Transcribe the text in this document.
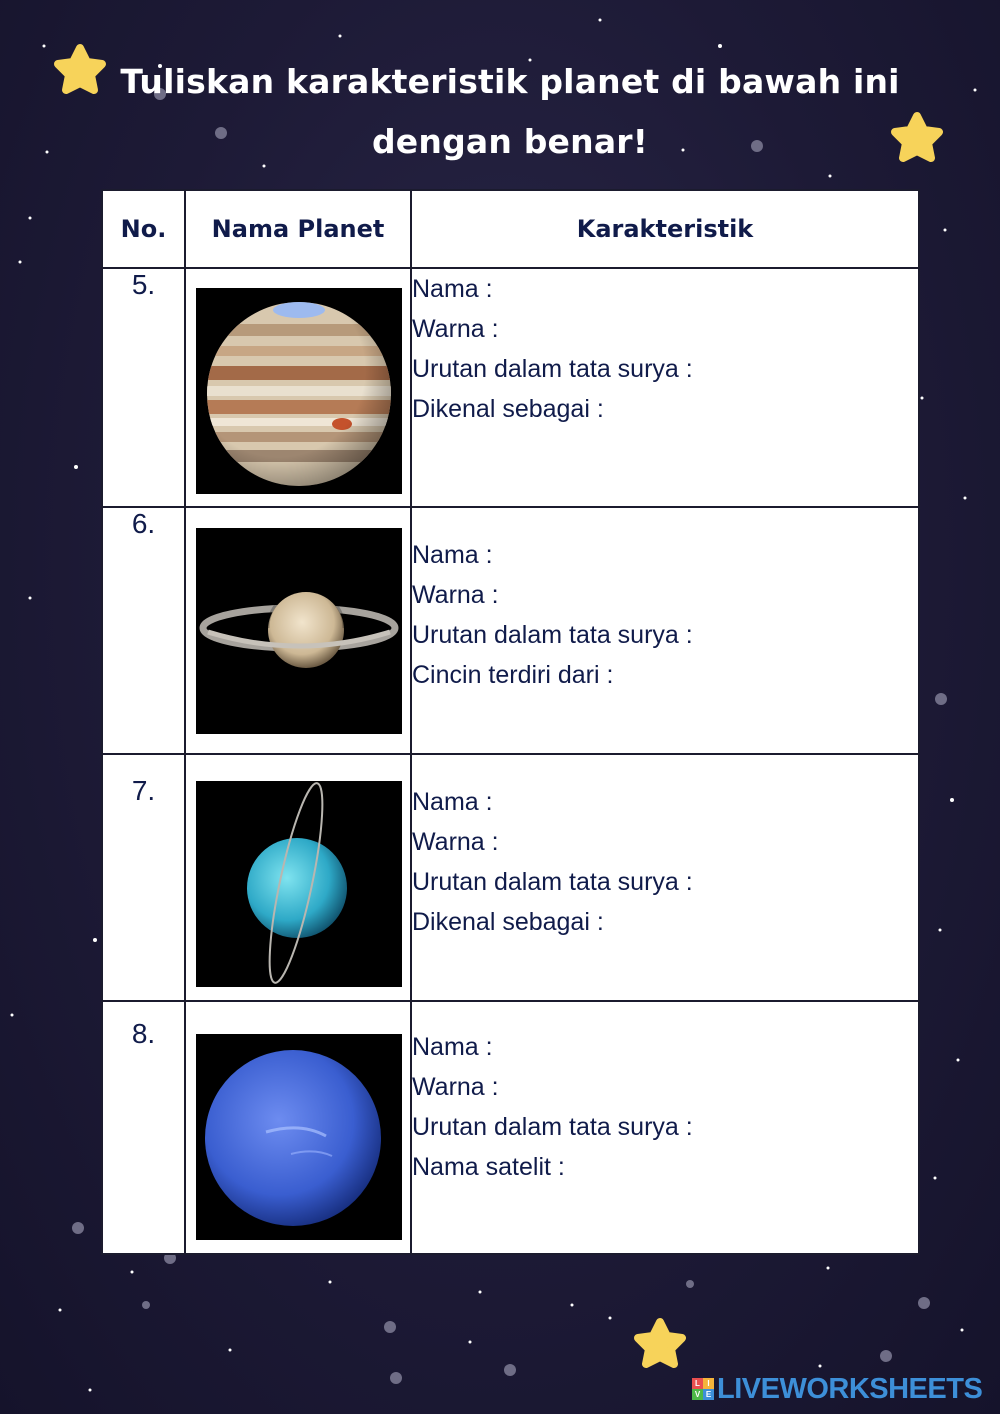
Tuliskan karakteristik planet di bawah ini
dengan benar!
No.	Nama Planet	Karakteristik
5.		Nama :
Warna :
Urutan dalam tata surya :
Dikenal sebagai :

6.		Nama :
Warna :
Urutan dalam tata surya :
Cincin terdiri dari :

7.		Nama :
Warna :
Urutan dalam tata surya :
Dikenal sebagai :

8.		Nama :
Warna :
Urutan dalam tata surya :
Nama satelit :
L I
V E LIVEWORKSHEETS
